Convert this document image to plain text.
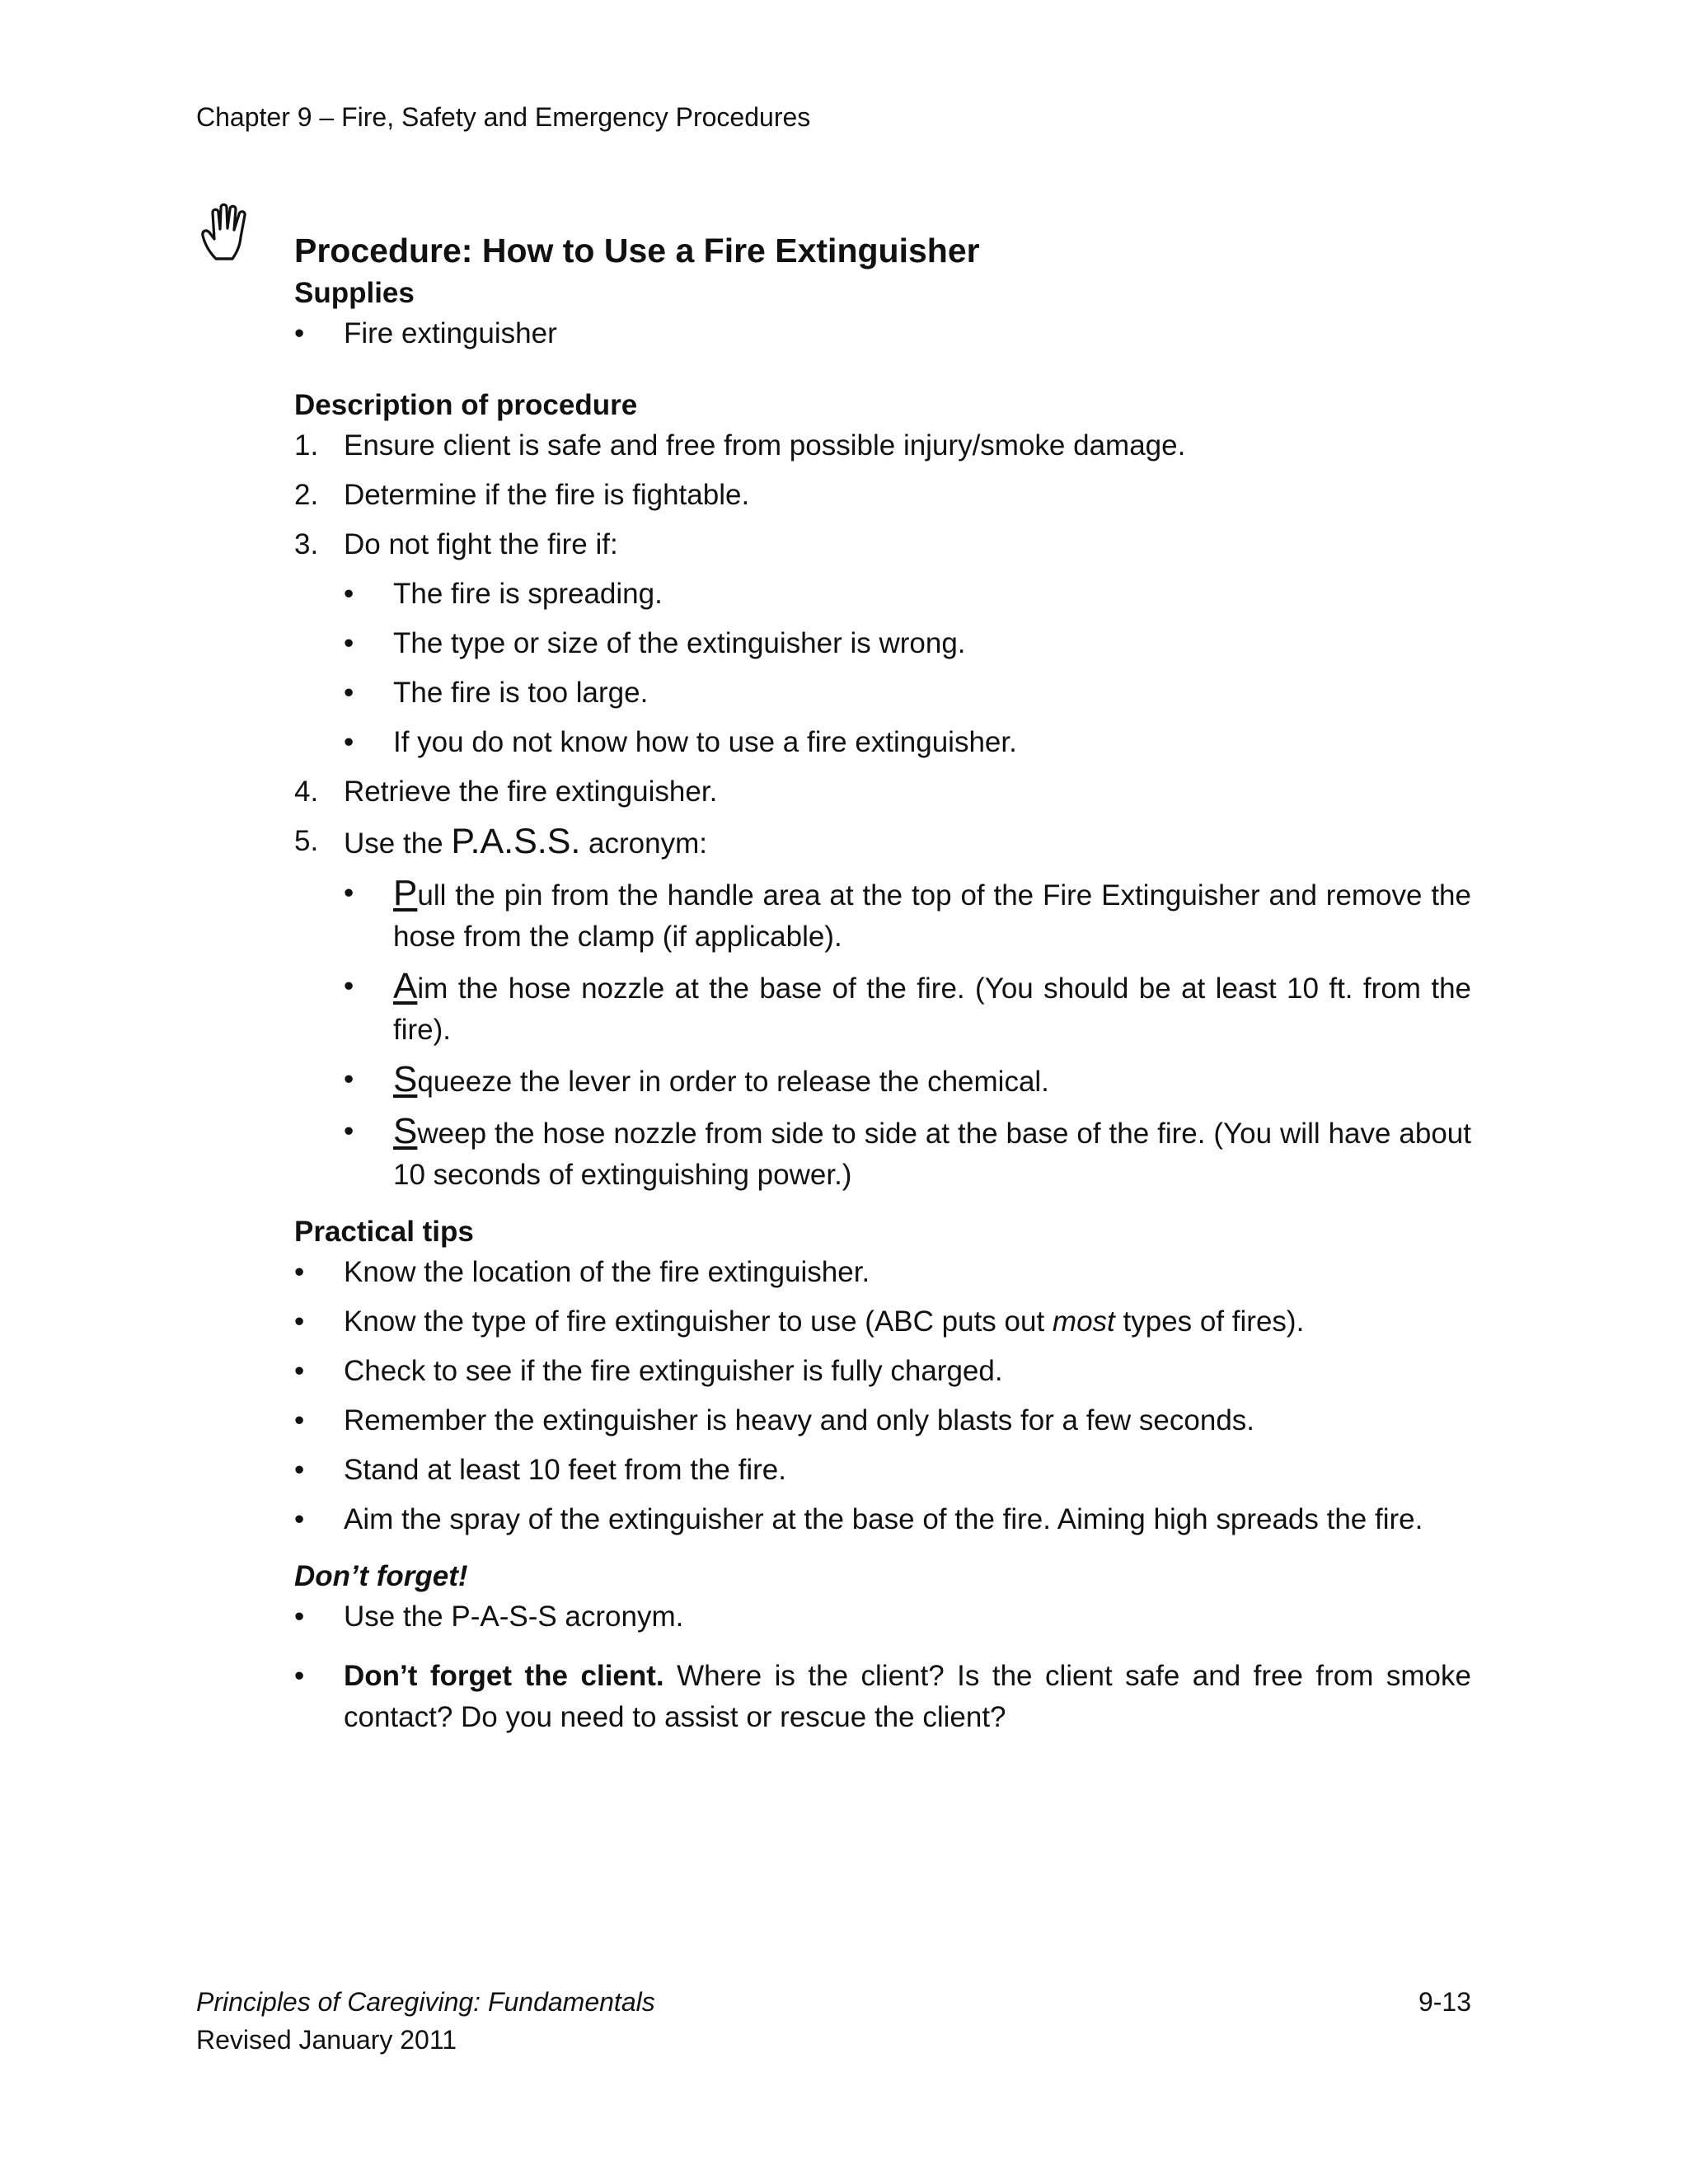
Chapter 9 – Fire, Safety and Emergency Procedures
Procedure: How to Use a Fire Extinguisher
Supplies
• Fire extinguisher
Description of procedure
1. Ensure client is safe and free from possible injury/smoke damage.
2. Determine if the fire is fightable.
3. Do not fight the fire if:
• The fire is spreading.
• The type or size of the extinguisher is wrong.
• The fire is too large.
• If you do not know how to use a fire extinguisher.
4. Retrieve the fire extinguisher.
5. Use the P.A.S.S. acronym:
• Pull the pin from the handle area at the top of the Fire Extinguisher and remove the hose from the clamp (if applicable).
• Aim the hose nozzle at the base of the fire. (You should be at least 10 ft. from the fire).
• Squeeze the lever in order to release the chemical.
• Sweep the hose nozzle from side to side at the base of the fire. (You will have about 10 seconds of extinguishing power.)
Practical tips
• Know the location of the fire extinguisher.
• Know the type of fire extinguisher to use (ABC puts out most types of fires).
• Check to see if the fire extinguisher is fully charged.
• Remember the extinguisher is heavy and only blasts for a few seconds.
• Stand at least 10 feet from the fire.
• Aim the spray of the extinguisher at the base of the fire. Aiming high spreads the fire.
Don’t forget!
• Use the P-A-S-S acronym.
• Don’t forget the client. Where is the client? Is the client safe and free from smoke contact? Do you need to assist or rescue the client?
Principles of Caregiving: Fundamentals
Revised January 2011
9-13
